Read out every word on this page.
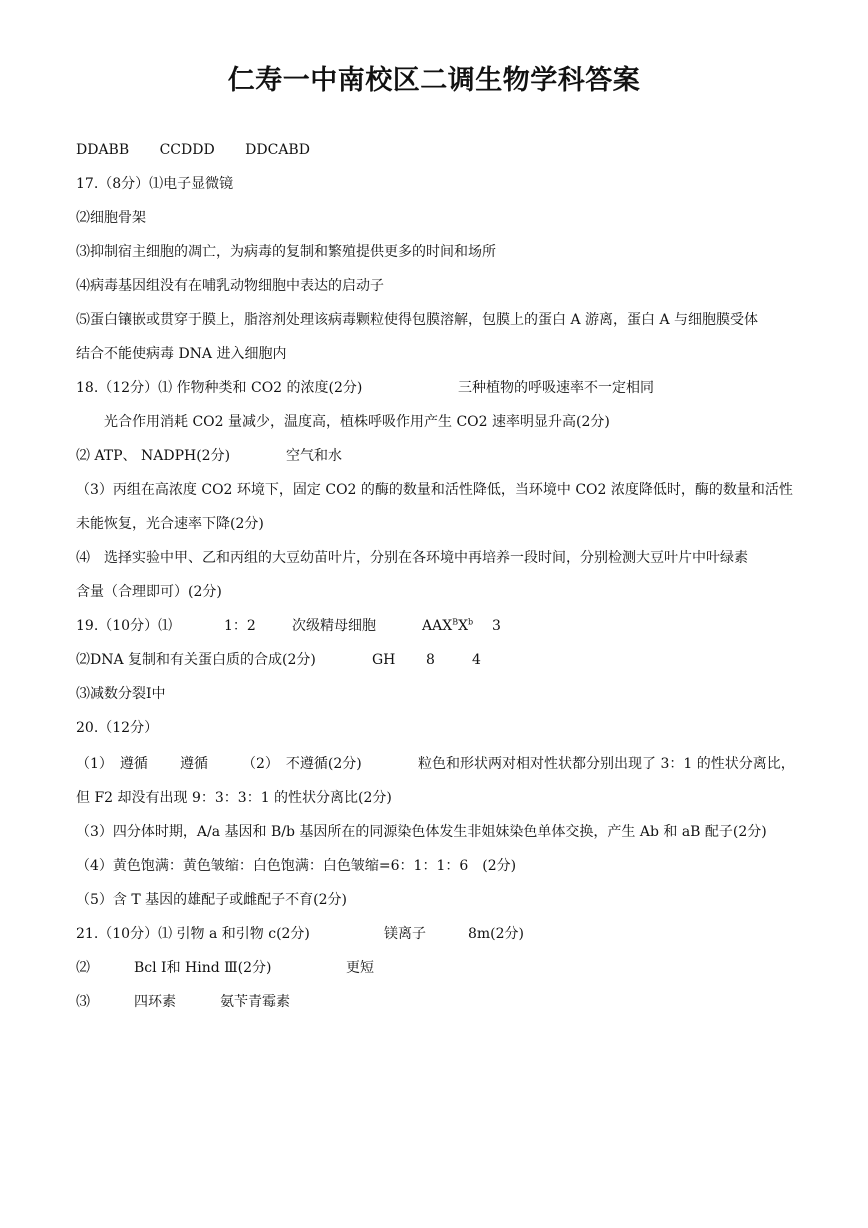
仁寿一中南校区二调生物学科答案
DDABB CCDDD DDCABD
17.（8分）⑴电子显微镜
⑵细胞骨架
⑶抑制宿主细胞的凋亡，为病毒的复制和繁殖提供更多的时间和场所
⑷病毒基因组没有在哺乳动物细胞中表达的启动子
⑸蛋白镶嵌或贯穿于膜上，脂溶剂处理该病毒颗粒使得包膜溶解，包膜上的蛋白 A 游离，蛋白 A 与细胞膜受体
结合不能使病毒 DNA 进入细胞内
18.（12分）⑴ 作物种类和 CO2 的浓度(2分)	三种植物的呼吸速率不一定相同
光合作用消耗 CO2 量减少，温度高，植株呼吸作用产生 CO2 速率明显升高(2分)
⑵ ATP、 NADPH(2分)	空气和水
（3）丙组在高浓度 CO2 环境下，固定 CO2 的酶的数量和活性降低，当环境中 CO2 浓度降低时，酶的数量和活性
未能恢复，光合速率下降(2分)
⑷　选择实验中甲、乙和丙组的大豆幼苗叶片，分别在各环境中再培养一段时间，分别检测大豆叶片中叶绿素
含量（合理即可）(2分)
19.（10分）⑴	1：2	次级精母细胞	$AAX^BX^b$ 3
⑵DNA 复制和有关蛋白质的合成(2分)	GH 8	4
⑶减数分裂Ⅰ中
20.（12分）
（1）　遵循 遵循 （2）　不遵循(2分)	粒色和形状两对相对性状都分别出现了 3：1 的性状分离比，
但 F2 却没有出现 9：3：3：1 的性状分离比(2分)
（3）四分体时期，A/a 基因和 B/b 基因所在的同源染色体发生非姐妹染色单体交换，产生 Ab 和 aB 配子(2分)
（4）黄色饱满：黄色皱缩：白色饱满：白色皱缩=6：1：1：6　(2分)
（5）含 T 基因的雄配子或雌配子不育(2分)
21.（10分）⑴ 引物 a 和引物 c(2分)	镁离子	8m(2分)
⑵	Bcl Ⅰ和 Hind Ⅲ(2分)	更短
⑶	四环素	氨苄青霉素
